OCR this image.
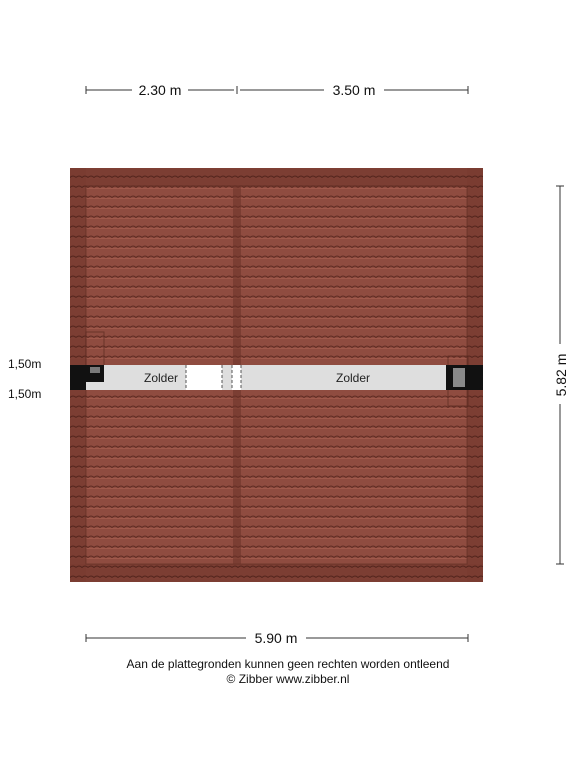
2.30 m	3.50 m
5.82 m
Zolder	Zolder
1,50m
1,50m
5.90 m
Aan de plattegronden kunnen geen rechten worden ontleend
© Zibber www.zibber.nl
